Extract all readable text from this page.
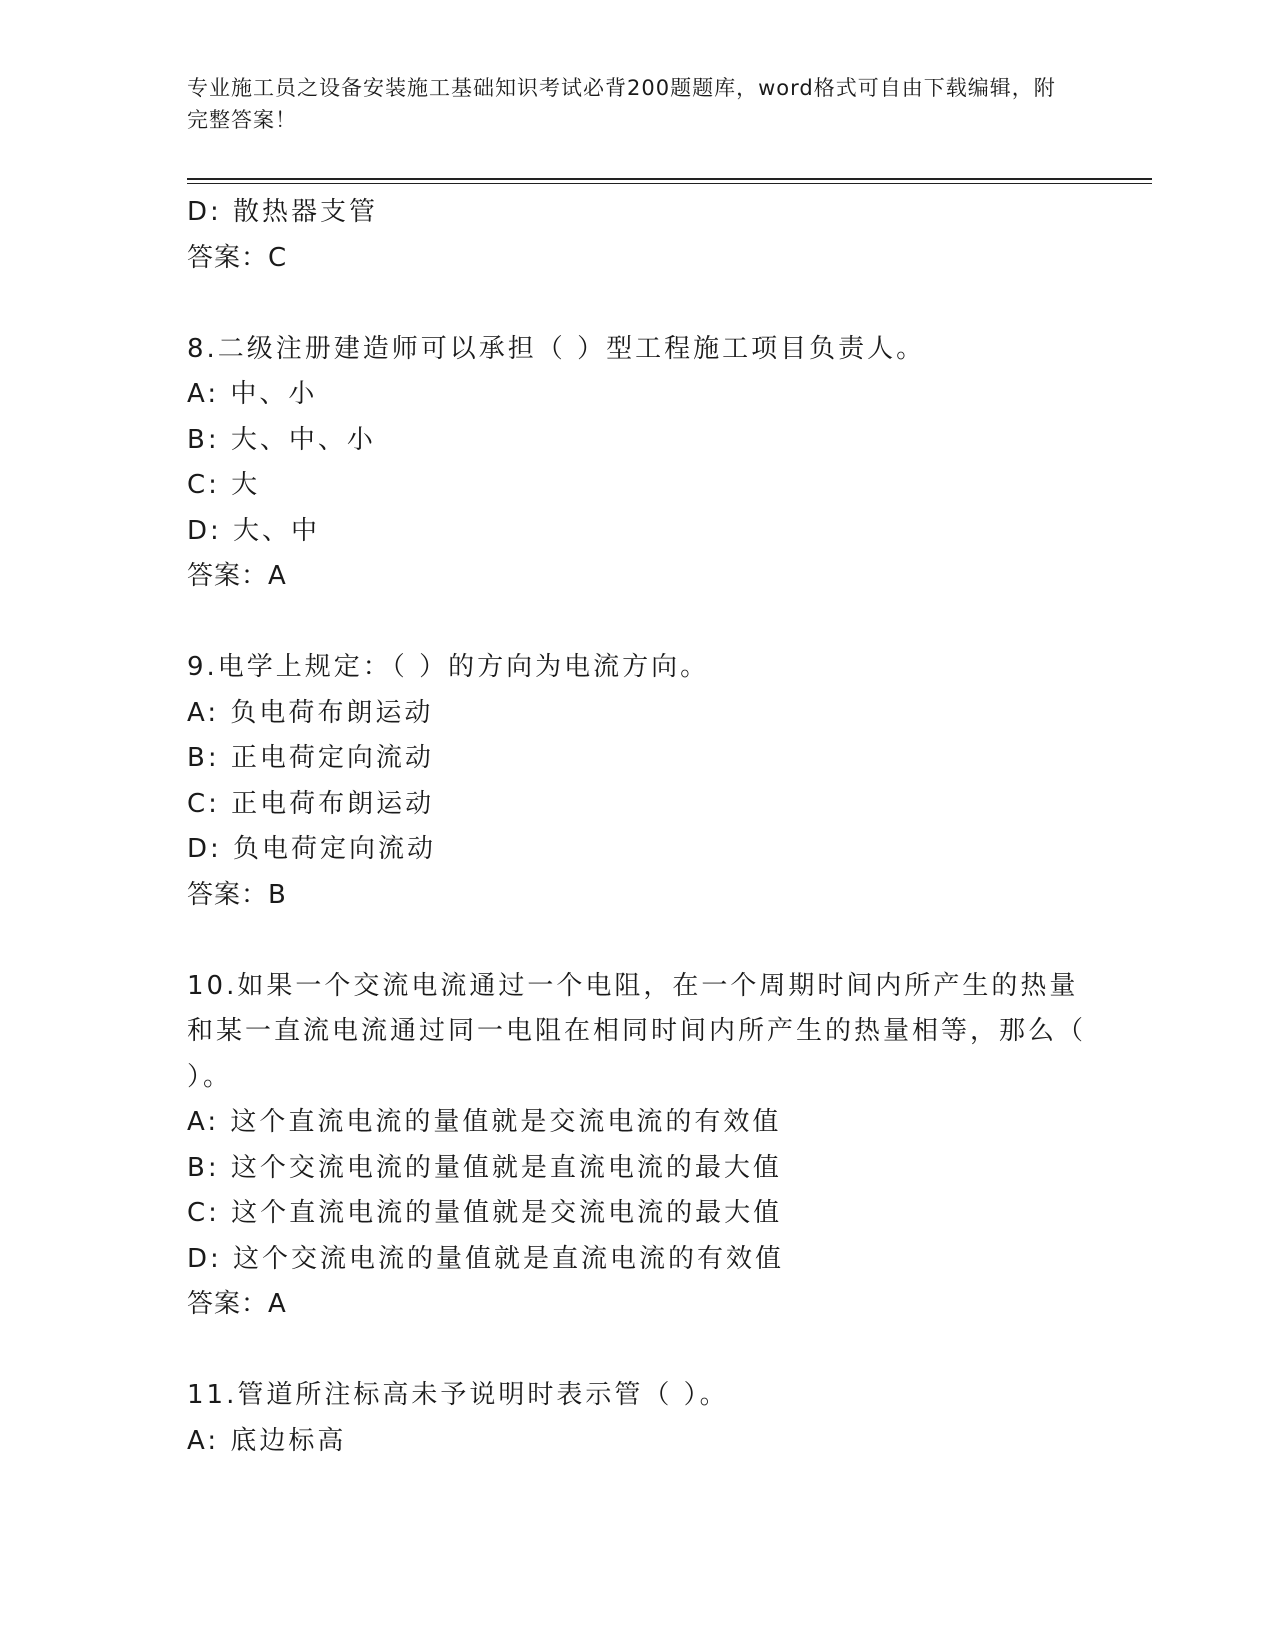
专业施工员之设备安装施工基础知识考试必背200题题库，word格式可自由下载编辑，附完整答案！
D: 散热器支管
答案：C
8.二级注册建造师可以承担（ ）型工程施工项目负责人。
A: 中、小
B: 大、中、小
C: 大
D: 大、中
答案：A
9.电学上规定：（ ）的方向为电流方向。
A: 负电荷布朗运动
B: 正电荷定向流动
C: 正电荷布朗运动
D: 负电荷定向流动
答案：B
10.如果一个交流电流通过一个电阻，在一个周期时间内所产生的热量和某一直流电流通过同一电阻在相同时间内所产生的热量相等，那么（ ）。
A: 这个直流电流的量值就是交流电流的有效值
B: 这个交流电流的量值就是直流电流的最大值
C: 这个直流电流的量值就是交流电流的最大值
D: 这个交流电流的量值就是直流电流的有效值
答案：A
11.管道所注标高未予说明时表示管（ ）。
A: 底边标高
